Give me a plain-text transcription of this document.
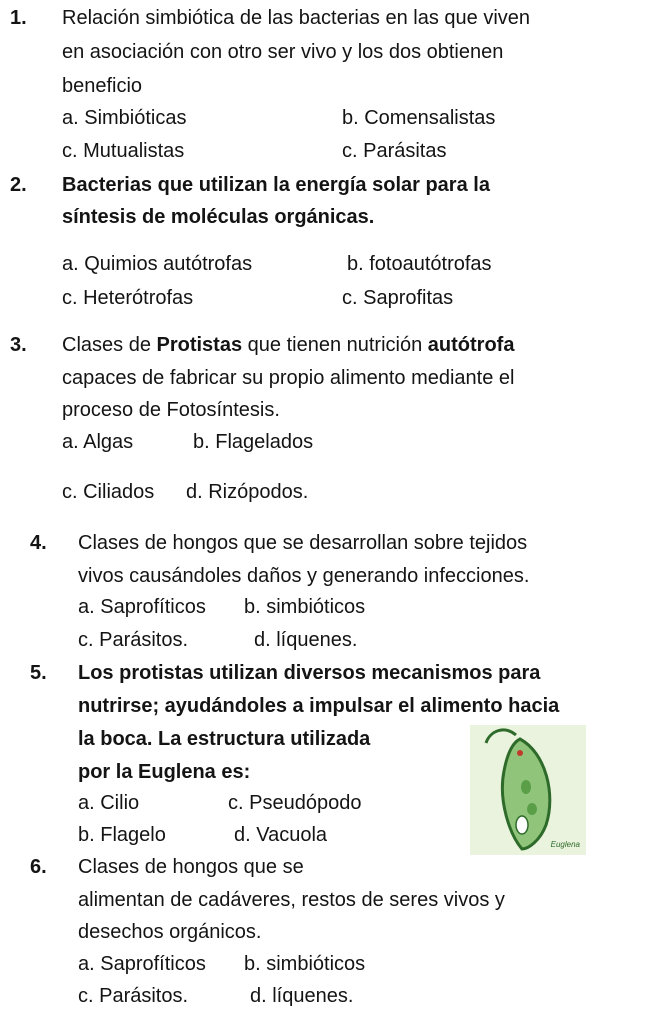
1. Relación simbiótica de las bacterias en las que viven
en asociación con otro ser vivo y los dos obtienen
beneficio
a. Simbióticas	b. Comensalistas
c. Mutualistas	c. Parásitas
2. Bacterias que utilizan la energía solar para la
síntesis de moléculas orgánicas.
a. Quimios autótrofas	b. fotoautótrofas
c. Heterótrofas	c. Saprofitas
3. Clases de Protistas que tienen nutrición autótrofa
capaces de fabricar su propio alimento mediante el
proceso de Fotosíntesis.
a. Algas	b. Flagelados
c. Ciliados d. Rizópodos.
4. Clases de hongos que se desarrollan sobre tejidos
vivos causándoles daños y generando infecciones.
a. Saprofíticos b. simbióticos
c. Parásitos.	d. líquenes.
5. Los protistas utilizan diversos mecanismos para
nutrirse; ayudándoles a impulsar el alimento hacia
la boca. La estructura utilizada
por la Euglena es:
a. Cilio	c. Pseudópodo
b. Flagelo	d. Vacuola	Euglena
6. Clases de hongos que se
alimentan de cadáveres, restos de seres vivos y
desechos orgánicos.
a. Saprofíticos b. simbióticos
c. Parásitos.	d. líquenes.
